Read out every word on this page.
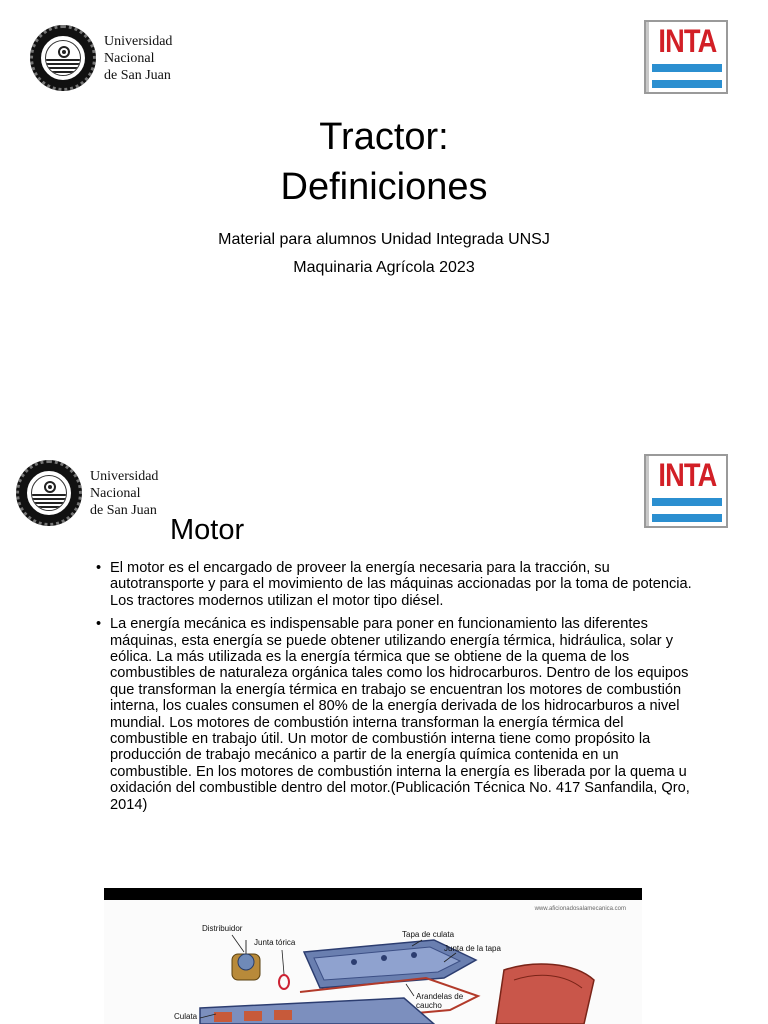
Universidad
Nacional
de San Juan
INTA
Tractor:
Definiciones
Material para alumnos Unidad Integrada UNSJ
Maquinaria Agrícola 2023
Universidad
Nacional
de San Juan
INTA
Motor
• El motor es el encargado de proveer la energía necesaria para la tracción, su autotransporte y para el movimiento de las máquinas accionadas por la toma de potencia. Los tractores modernos utilizan el motor tipo diésel.
• La energía mecánica es indispensable para poner en funcionamiento las diferentes máquinas, esta energía se puede obtener utilizando energía térmica, hidráulica, solar y eólica. La más utilizada es la energía térmica que se obtiene de la quema de los combustibles de naturaleza orgánica tales como los hidrocarburos. Dentro de los equipos que transforman la energía térmica en trabajo se encuentran los motores de combustión interna, los cuales consumen el 80% de la energía derivada de los hidrocarburos a nivel mundial. Los motores de combustión interna transforman la energía térmica del combustible en trabajo útil. Un motor de combustión interna tiene como propósito la producción de trabajo mecánico a partir de la energía química contenida en un combustible. En los motores de combustión interna la energía es liberada por la quema u oxidación del combustible dentro del motor.(Publicación Técnica No. 417 Sanfandila, Qro, 2014)
www.aficionadosalamecanica.com
Distribuidor
Junta tórica
Tapa de culata
Junta de la tapa
Arandelas de caucho
Culata
